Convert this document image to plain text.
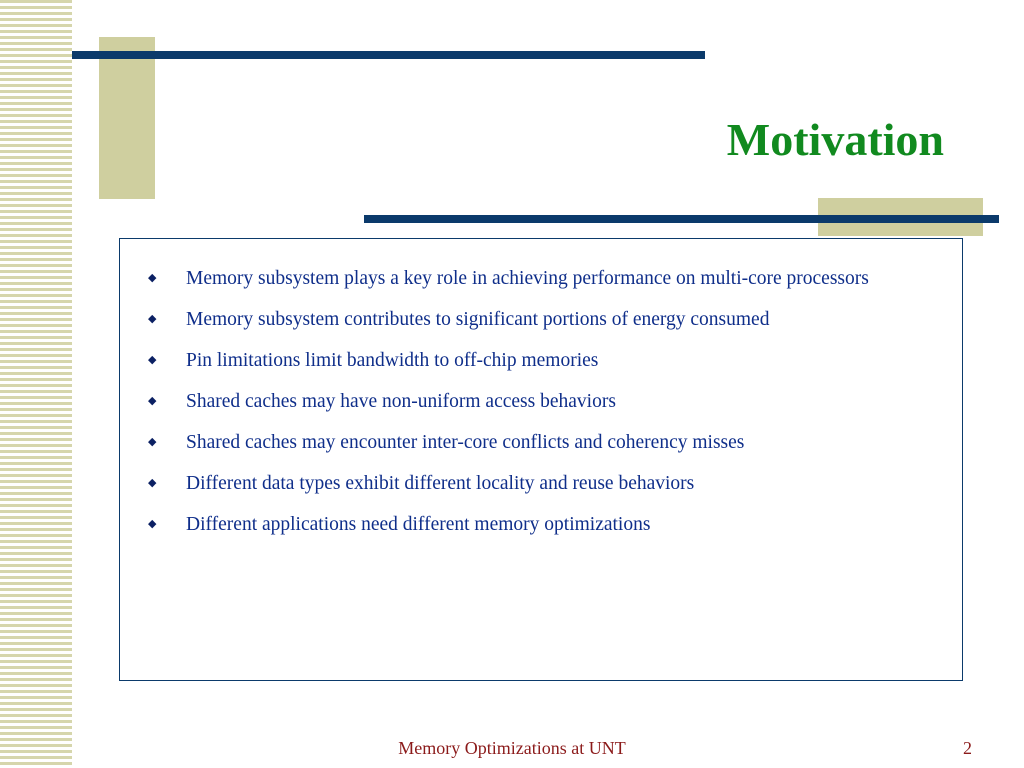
Motivation
◆ Memory subsystem plays a key role in achieving performance on multi-core processors
◆ Memory subsystem contributes to significant portions of energy consumed
◆ Pin limitations limit bandwidth to off-chip memories
◆ Shared caches may have non-uniform access behaviors
◆ Shared caches may encounter inter-core conflicts and coherency misses
◆ Different data types exhibit different locality and reuse behaviors
◆ Different applications need different memory optimizations
Memory Optimizations at UNT	2
